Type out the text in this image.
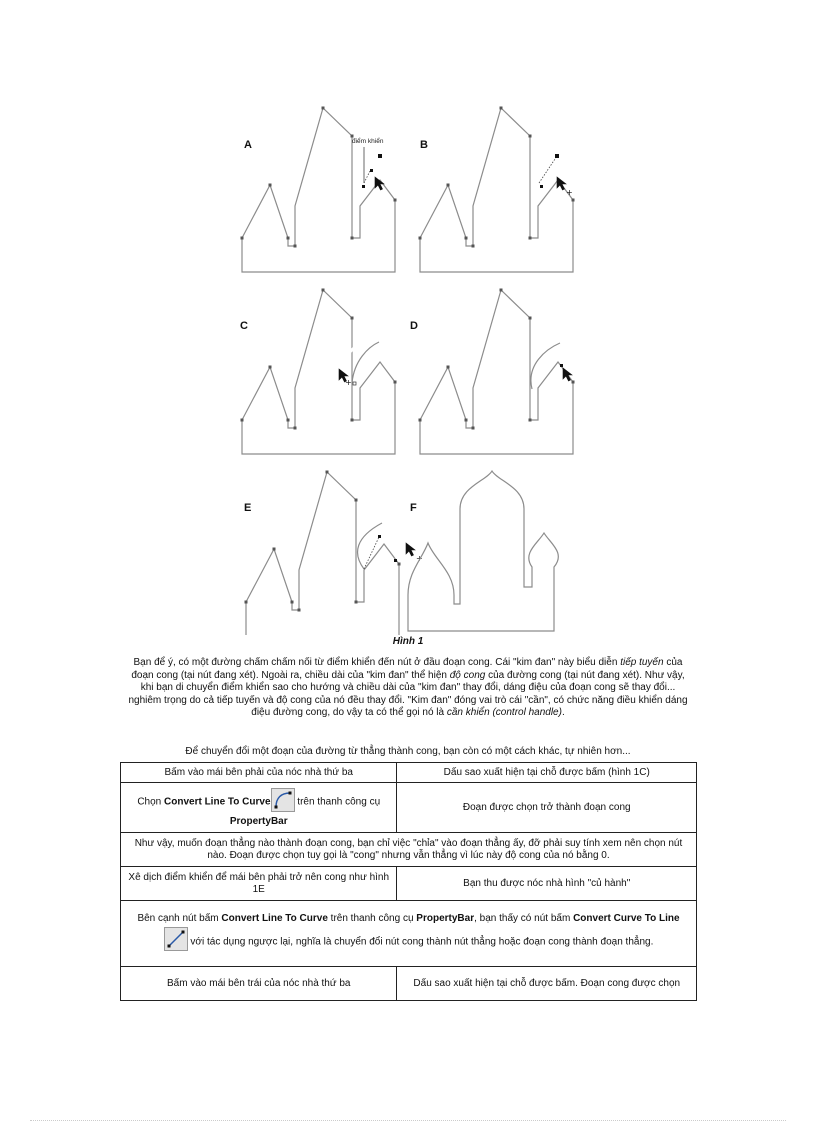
A	điểm khiển	B
+
C
+
D
E
+
F
Hình 1
Bạn để ý, có một đường chấm chấm nối từ điểm khiển đến nút ở đầu đoạn cong. Cái "kim đan" này biểu diễn tiếp tuyến của đoạn cong (tại nút đang xét). Ngoài ra, chiều dài của "kim đan" thể hiện độ cong của đường cong (tại nút đang xét). Như vậy, khi bạn di chuyển điểm khiển sao cho hướng và chiều dài của "kim đan" thay đổi, dáng điệu của đoạn cong sẽ thay đổi... nghiêm trọng do cả tiếp tuyến và độ cong của nó đều thay đổi. "Kim đan" đóng vai trò cái "cần", có chức năng điều khiển dáng điệu đường cong, do vậy ta có thể gọi nó là cần khiển (control handle).
Để chuyển đổi một đoạn của đường từ thẳng thành cong, bạn còn có một cách khác, tự nhiên hơn...
Bấm vào mái bên phải của nóc nhà thứ ba	Dấu sao xuất hiện tại chỗ được bấm (hình 1C)
Chọn Convert Line To Curve trên thanh công cụ
PropertyBar	Đoạn được chọn trở thành đoạn cong
Như vậy, muốn đoạn thẳng nào thành đoạn cong, bạn chỉ việc "chỉa" vào đoạn thẳng ấy, đỡ phải suy tính xem nên chọn nút nào. Đoạn được chọn tuy gọi là "cong" nhưng vẫn thẳng vì lúc này độ cong của nó bằng 0.	
Xê dịch điểm khiển để mái bên phải trở nên cong như hình 1E	Bạn thu được nóc nhà hình "củ hành"
Bên cạnh nút bấm Convert Line To Curve trên thanh công cụ PropertyBar, bạn thấy có nút bấm Convert Curve To Line  với tác dụng ngược lại, nghĩa là chuyển đổi nút cong thành nút thẳng hoặc đoạn cong thành đoạn thẳng.	
Bấm vào mái bên trái của nóc nhà thứ ba	Dấu sao xuất hiện tại chỗ được bấm. Đoạn cong được chọn
